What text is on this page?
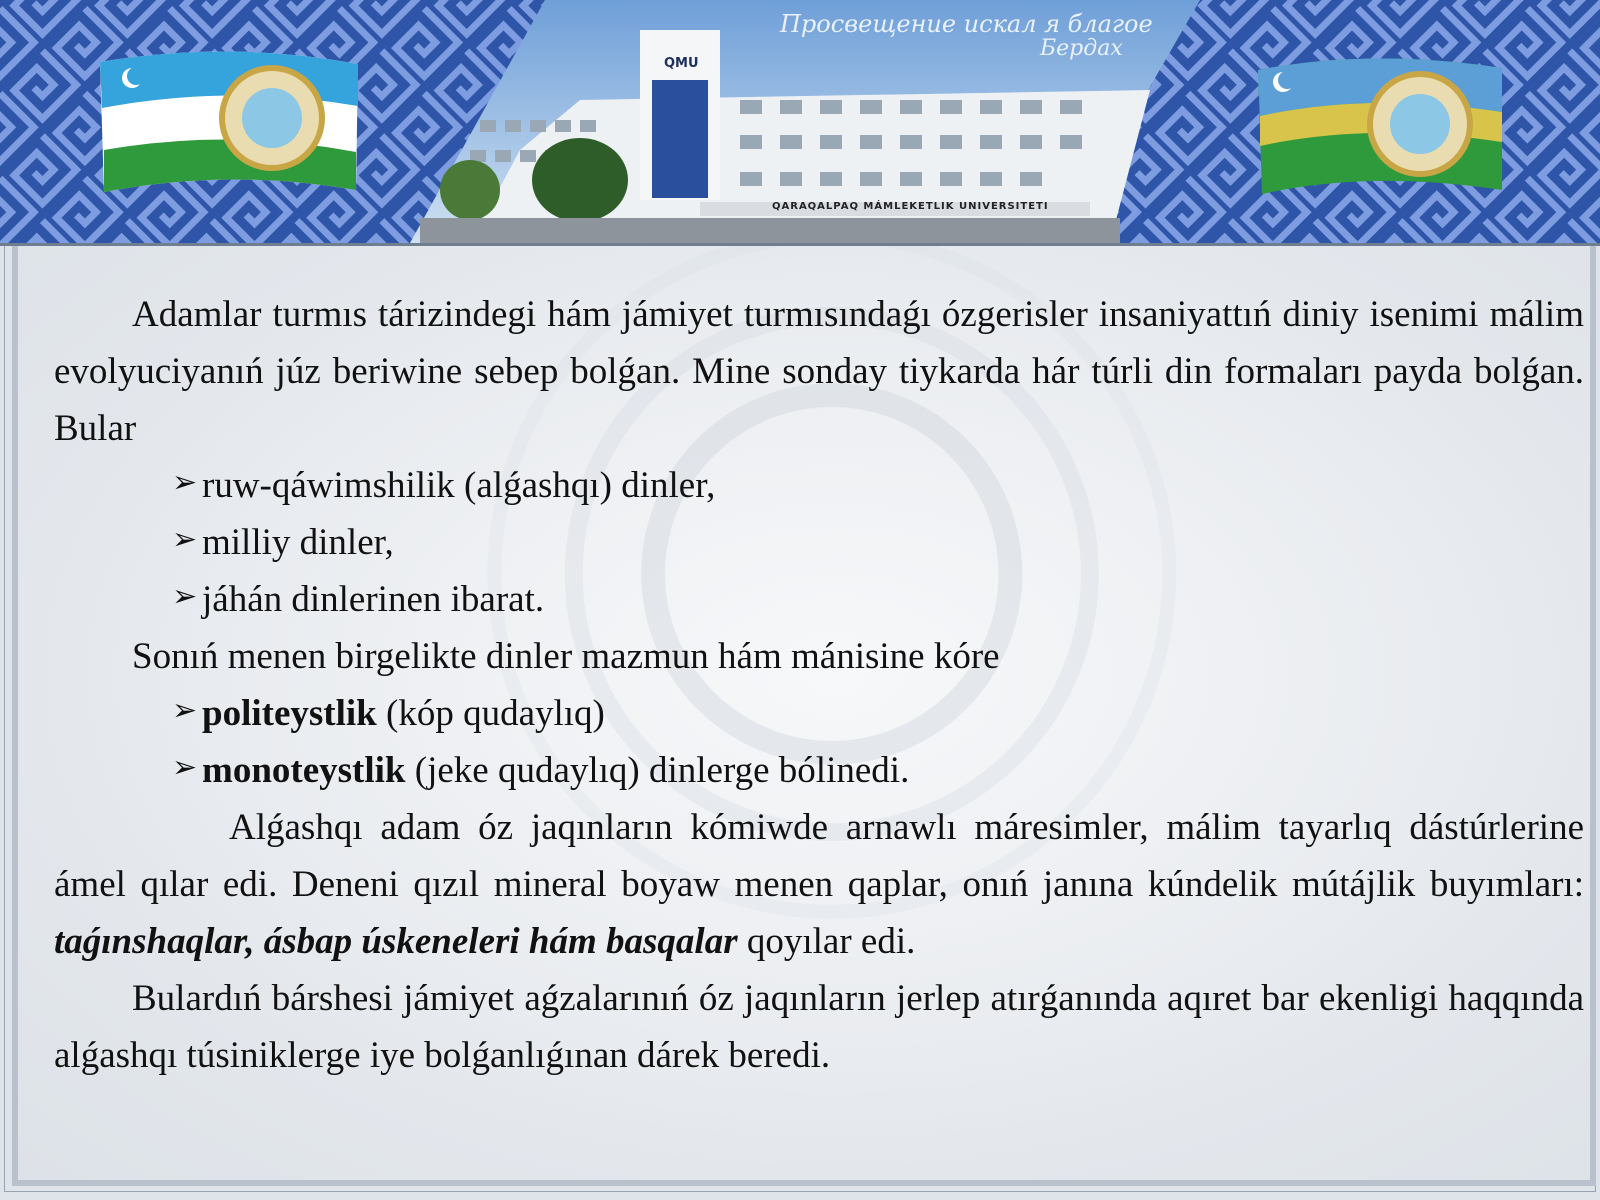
Просвещение искал я благое
Бердах
QMU
QARAQALPAQ MÁMLEKETLIK UNIVERSITETI

Adamlar turmıs tárizindegi hám jámiyet turmısındaǵı ózgerisler insaniyattıń diniy isenimi málim evolyuciyanıń júz beriwine sebep bolǵan. Mine sonday tiykarda hár túrli din formaları payda bolǵan. Bular

➢ ruw-qáwimshilik (alǵashqı) dinler,

➢ milliy dinler,

➢ jáhán dinlerinen ibarat.

Sonıń menen birgelikte dinler mazmun hám mánisine kóre

➢ politeystlik (kóp qudaylıq)

➢ monoteystlik (jeke qudaylıq) dinlerge bólinedi.

Alǵashqı adam óz jaqınların kómiwde arnawlı máresimler, málim tayarlıq dástúrlerine ámel qılar edi. Deneni qızıl mineral boyaw menen qaplar, onıń janına kúndelik mútájlik buyımları: taǵınshaqlar, ásbap úskeneleri hám basqalar qoyılar edi.

Bulardıń bárshesi jámiyet aǵzalarınıń óz jaqınların jerlep atırǵanında aqıret bar ekenligi haqqında alǵashqı túsiniklerge iye bolǵanlıǵınan dárek beredi.
